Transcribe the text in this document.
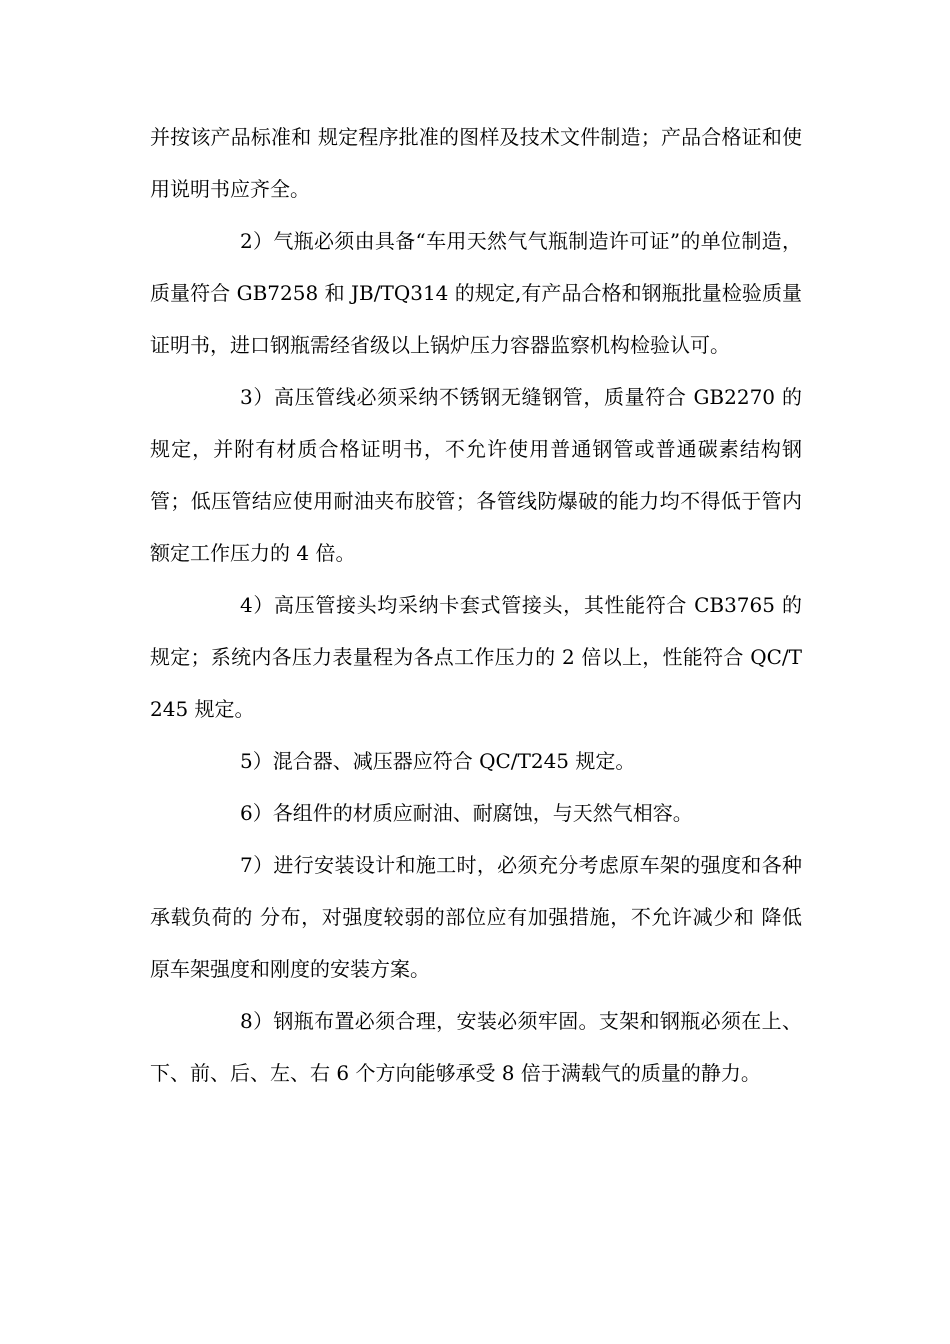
并按该产品标准和 规定程序批准的图样及技术文件制造；产品合格证和使用说明书应齐全。

2）气瓶必须由具备“车用天然气气瓶制造许可证”的单位制造，质量符合 GB7258 和 JB/TQ314 的规定,有产品合格和钢瓶批量检验质量证明书，进口钢瓶需经省级以上锅炉压力容器监察机构检验认可。

3）高压管线必须采纳不锈钢无缝钢管，质量符合 GB2270 的规定，并附有材质合格证明书，不允许使用普通钢管或普通碳素结构钢管；低压管结应使用耐油夹布胶管；各管线防爆破的能力均不得低于管内额定工作压力的 4 倍。

4）高压管接头均采纳卡套式管接头，其性能符合 CB3765 的规定；系统内各压力表量程为各点工作压力的 2 倍以上，性能符合 QC/T245 规定。

5）混合器、减压器应符合 QC/T245 规定。

6）各组件的材质应耐油、耐腐蚀，与天然气相容。

7）进行安装设计和施工时，必须充分考虑原车架的强度和各种承载负荷的 分布，对强度较弱的部位应有加强措施，不允许减少和 降低原车架强度和刚度的安装方案。

8）钢瓶布置必须合理，安装必须牢固。支架和钢瓶必须在上、下、前、后、左、右 6 个方向能够承受 8 倍于满载气的质量的静力。
